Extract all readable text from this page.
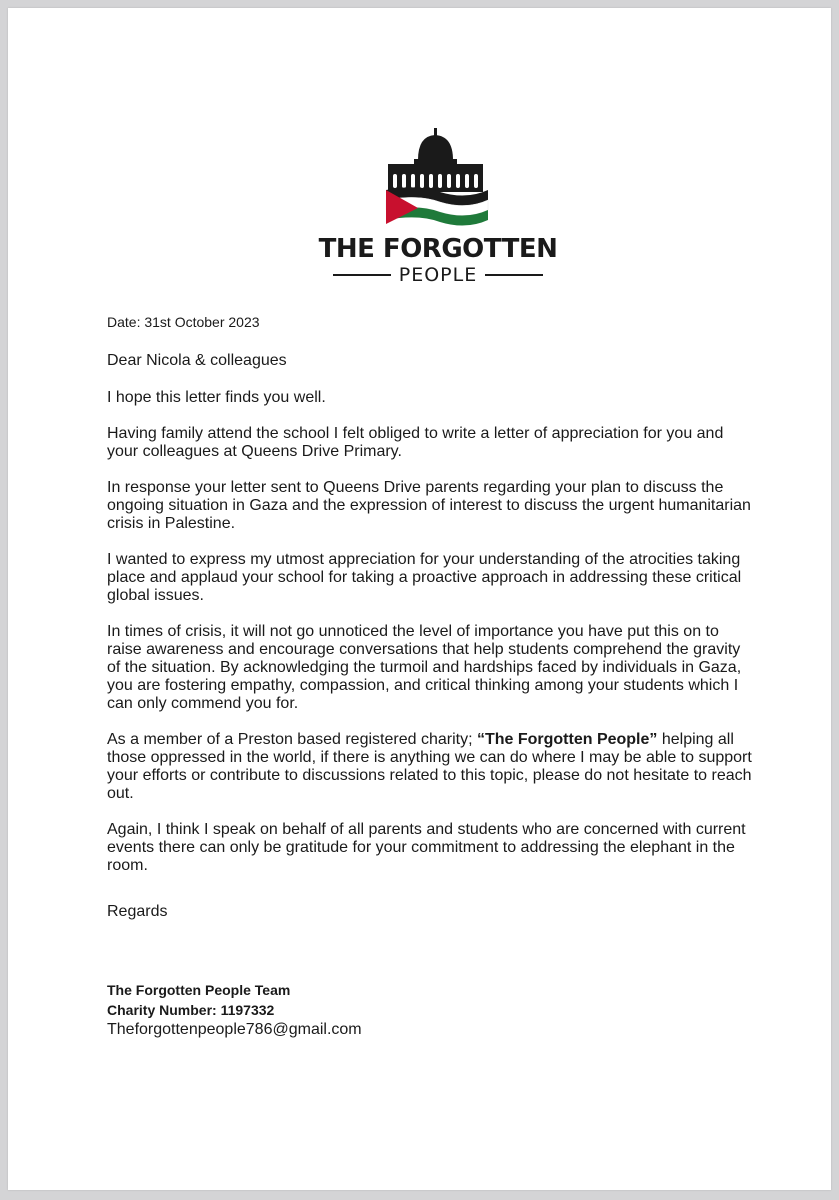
THE FORGOTTEN
PEOPLE
Date: 31st October 2023

Dear Nicola & colleagues

I hope this letter finds you well.

Having family attend the school I felt obliged to write a letter of appreciation for you and your colleagues at Queens Drive Primary.

In response your letter sent to Queens Drive parents regarding your plan to discuss the ongoing situation in Gaza and the expression of interest to discuss the urgent humanitarian crisis in Palestine.

I wanted to express my utmost appreciation for your understanding of the atrocities taking place and applaud your school for taking a proactive approach in addressing these critical global issues.

In times of crisis, it will not go unnoticed the level of importance you have put this on to raise awareness and encourage conversations that help students comprehend the gravity of the situation. By acknowledging the turmoil and hardships faced by individuals in Gaza, you are fostering empathy, compassion, and critical thinking among your students which I can only commend you for.

As a member of a Preston based registered charity; “The Forgotten People” helping all those oppressed in the world, if there is anything we can do where I may be able to support your efforts or contribute to discussions related to this topic, please do not hesitate to reach out.

Again, I think I speak on behalf of all parents and students who are concerned with current events there can only be gratitude for your commitment to addressing the elephant in the room.

Regards

The Forgotten People Team
Charity Number: 1197332
Theforgottenpeople786@gmail.com
